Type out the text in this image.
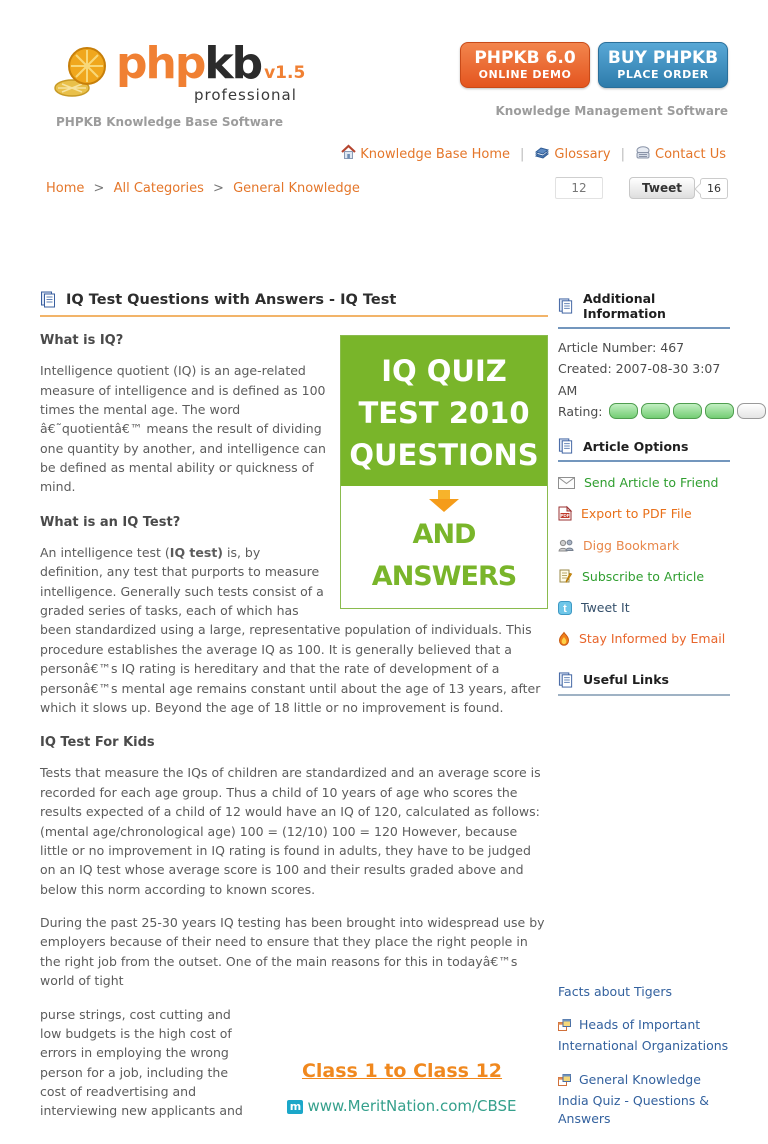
phpkb v1.5
professional
PHPKB Knowledge Base Software
PHPKB 6.0
ONLINE DEMO
BUY PHPKB
PLACE ORDER
Knowledge Management Software
Knowledge Base Home | Glossary | Contact Us
Home > All Categories > General Knowledge	12	Tweet	16
IQ Test Questions with Answers - IQ Test
IQ QUIZ
TEST 2010
QUESTIONS
AND ANSWERS
What is IQ?

Intelligence quotient (IQ) is an age-related measure of intelligence and is defined as 100 times the mental age. The word â€˜quotientâ€™ means the result of dividing one quantity by another, and intelligence can be defined as mental ability or quickness of mind.

What is an IQ Test?

An intelligence test (IQ test) is, by definition, any test that purports to measure intelligence. Generally such tests consist of a graded series of tasks, each of which has been standardized using a large, representative population of individuals. This procedure establishes the average IQ as 100. It is generally believed that a personâ€™s IQ rating is hereditary and that the rate of development of a personâ€™s mental age remains constant until about the age of 13 years, after which it slows up. Beyond the age of 18 little or no improvement is found.

IQ Test For Kids

Tests that measure the IQs of children are standardized and an average score is recorded for each age group. Thus a child of 10 years of age who scores the results expected of a child of 12 would have an IQ of 120, calculated as follows: (mental age/chronological age) 100 = (12/10) 100 = 120 However, because little or no improvement in IQ rating is found in adults, they have to be judged on an IQ test whose average score is 100 and their results graded above and below this norm according to known scores.

During the past 25-30 years IQ testing has been brought into widespread use by employers because of their need to ensure that they place the right people in the right job from the outset. One of the main reasons for this in todayâ€™s world of tight

Class 1 to Class 12
m www.MeritNation.com/CBSE

purse strings, cost cutting and low budgets is the high cost of errors in employing the wrong person for a job, including the cost of readvertising and interviewing new applicants and

Additional Information
Article Number: 467
Created: 2007-08-30 3:07 AM
Rating:
Article Options
Send Article to Friend
PDF Export to PDF File
Digg Bookmark
Subscribe to Article
t Tweet It
Stay Informed by Email
Useful Links
Facts about Tigers
Heads of Important International Organizations
General Knowledge India Quiz - Questions & Answers
